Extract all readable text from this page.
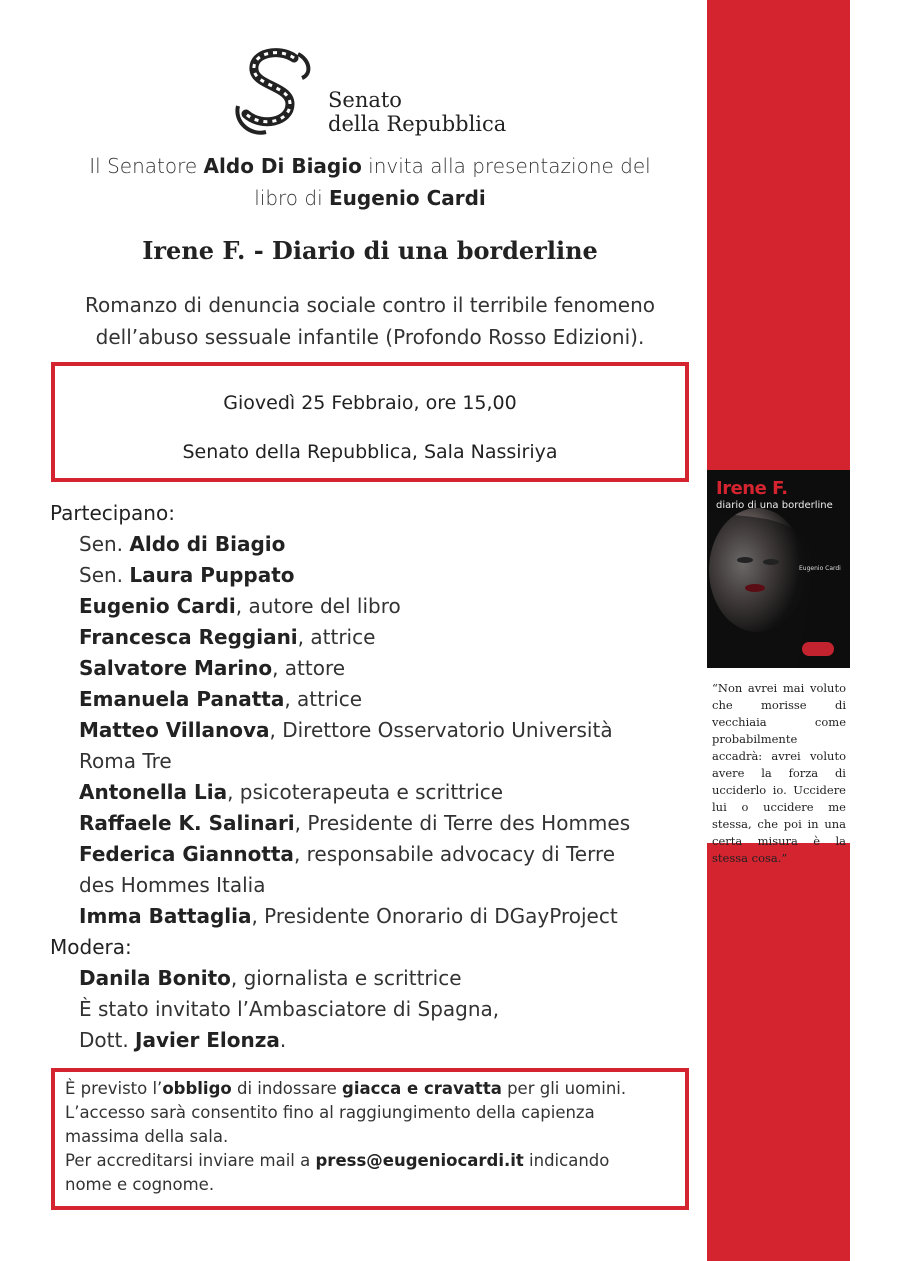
Senato
della Repubblica
Il Senatore Aldo Di Biagio invita alla presentazione del
libro di Eugenio Cardi
Irene F. - Diario di una borderline
Romanzo di denuncia sociale contro il terribile fenomeno
dell’abuso sessuale infantile (Profondo Rosso Edizioni).
Giovedì 25 Febbraio, ore 15,00
Senato della Repubblica, Sala Nassiriya
Irene F.
diario di una borderline
Eugenio Cardi
“Non avrei mai voluto che morisse di vecchiaia come probabilmente accadrà: avrei voluto avere la forza di ucciderlo io. Uccidere lui o uccidere me stessa, che poi in una certa misura è la stessa cosa.”
Partecipano:
Sen. Aldo di Biagio
Sen. Laura Puppato
Eugenio Cardi, autore del libro
Francesca Reggiani, attrice
Salvatore Marino, attore
Emanuela Panatta, attrice
Matteo Villanova, Direttore Osservatorio Università
Roma Tre
Antonella Lia, psicoterapeuta e scrittrice
Raffaele K. Salinari, Presidente di Terre des Hommes
Federica Giannotta, responsabile advocacy di Terre
des Hommes Italia
Imma Battaglia, Presidente Onorario di DGayProject
Modera:
Danila Bonito, giornalista e scrittrice
È stato invitato l’Ambasciatore di Spagna,
Dott. Javier Elonza.
È previsto l’obbligo di indossare giacca e cravatta per gli uomini.
L’accesso sarà consentito fino al raggiungimento della capienza
massima della sala.
Per accreditarsi inviare mail a press@eugeniocardi.it indicando
nome e cognome.
